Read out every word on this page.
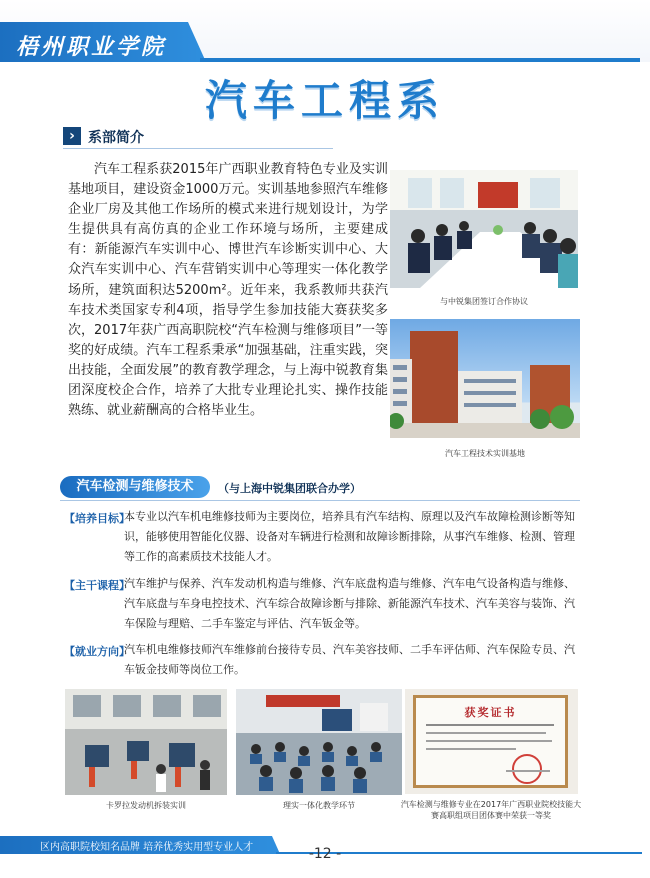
梧州职业学院
汽车工程系
› 系部简介

汽车工程系获2015年广西职业教育特色专业及实训基地项目，建设资金1000万元。实训基地参照汽车维修企业厂房及其他工作场所的模式来进行规划设计，为学生提供具有高仿真的企业工作环境与场所，主要建成有：新能源汽车实训中心、博世汽车诊断实训中心、大众汽车实训中心、汽车营销实训中心等理实一体化教学场所，建筑面积达5200m²。近年来，我系教师共获汽车技术类国家专利4项，指导学生参加技能大赛获奖多次，2017年获广西高职院校“汽车检测与维修项目”一等奖的好成绩。汽车工程系秉承“加强基础，注重实践，突出技能，全面发展”的教育教学理念，与上海中锐教育集团深度校企合作，培养了大批专业理论扎实、操作技能熟练、就业薪酬高的合格毕业生。

与中锐集团签订合作协议
汽车工程技术实训基地
汽车检测与维修技术	（与上海中锐集团联合办学）
【培养目标】

本专业以汽车机电维修技师为主要岗位，培养具有汽车结构、原理以及汽车故障检测诊断等知识，能够使用智能化仪器、设备对车辆进行检测和故障诊断排除，从事汽车维修、检测、管理等工作的高素质技术技能人才。

【主干课程】

汽车维护与保养、汽车发动机构造与维修、汽车底盘构造与维修、汽车电气设备构造与维修、汽车底盘与车身电控技术、汽车综合故障诊断与排除、新能源汽车技术、汽车美容与装饰、汽车保险与理赔、二手车鉴定与评估、汽车钣金等。

【就业方向】

汽车机电维修技师汽车维修前台接待专员、汽车美容技师、二手车评估师、汽车保险专员、汽车钣金技师等岗位工作。

卡罗拉发动机拆装实训	理实一体化教学环节
获奖证书
汽车检测与维修专业在2017年广西职业院校技能大赛高职组项目团体赛中荣获一等奖
区内高职院校知名品牌 培养优秀实用型专业人才	-12 -
